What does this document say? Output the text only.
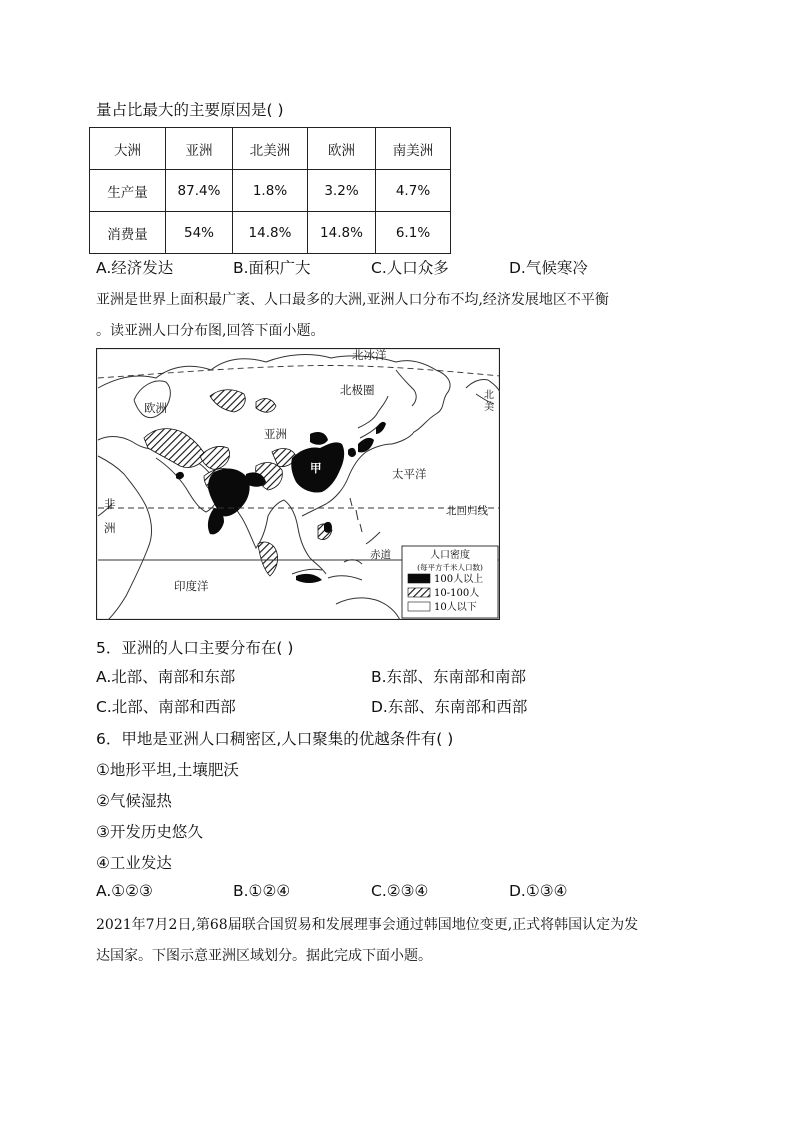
量占比最大的主要原因是( )
大洲	亚洲	北美洲	欧洲	南美洲
生产量	87.4%	1.8%	3.2%	4.7%
消费量	54%	14.8%	14.8%	6.1%
A.经济发达	B.面积广大	C.人口众多	D.气候寒冷
亚洲是世界上面积最广袤、人口最多的大洲,亚洲人口分布不均,经济发展地区不平衡
。读亚洲人口分布图,回答下面小题。
北冰洋
北极圈
欧洲
亚洲
甲	太平洋
非
洲
北回归线
赤道
印度洋
北
美
人口密度
(每平方千米人口数)
100人以上
10-100人
10人以下
5．亚洲的人口主要分布在( )
A.北部、南部和东部	B.东部、东南部和南部
C.北部、南部和西部	D.东部、东南部和西部
6．甲地是亚洲人口稠密区,人口聚集的优越条件有( )
①地形平坦,土壤肥沃
②气候湿热
③开发历史悠久
④工业发达
A.①②③	B.①②④	C.②③④	D.①③④
2021年7月2日,第68届联合国贸易和发展理事会通过韩国地位变更,正式将韩国认定为发
达国家。下图示意亚洲区域划分。据此完成下面小题。
